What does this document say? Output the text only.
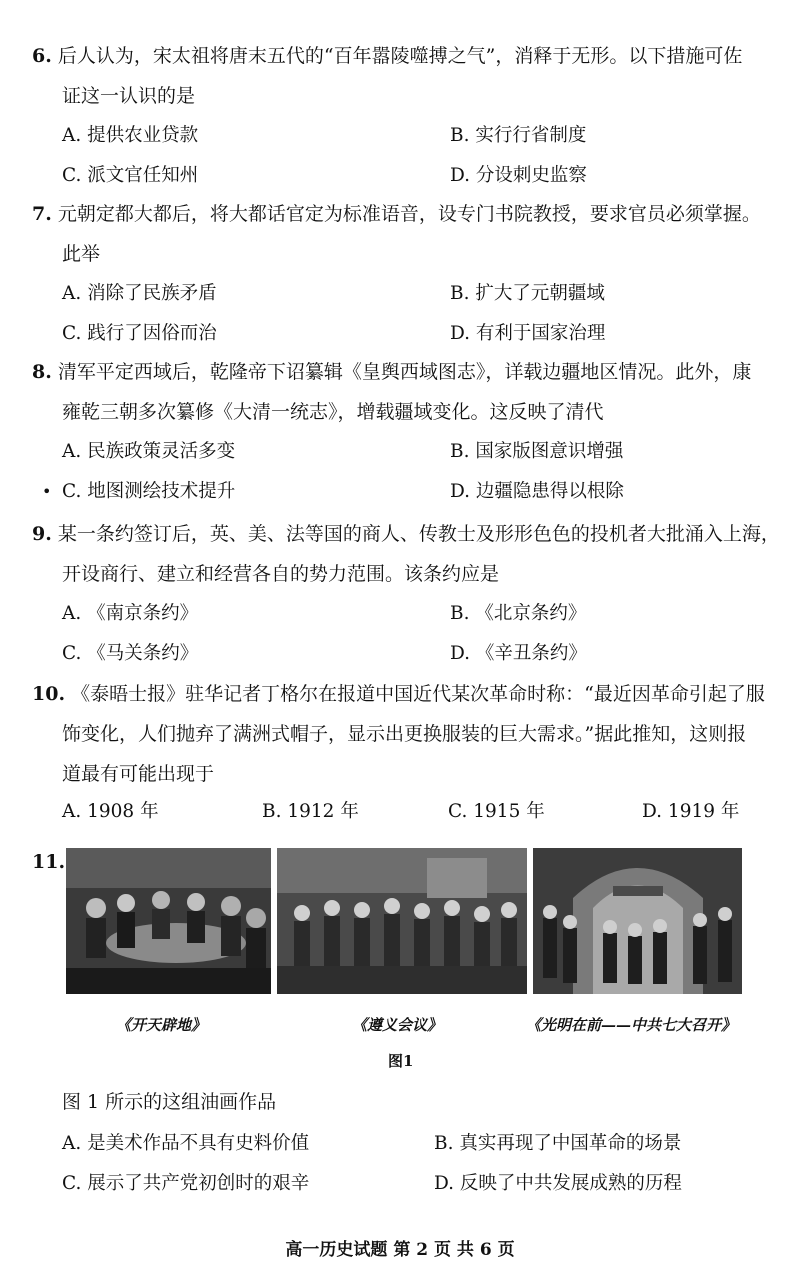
6. 后人认为，宋太祖将唐末五代的“百年嚣陵噬搏之气”，消释于无形。以下措施可佐
证这一认识的是
A. 提供农业贷款	B. 实行行省制度
C. 派文官任知州	D. 分设刺史监察
7. 元朝定都大都后，将大都话官定为标准语音，设专门书院教授，要求官员必须掌握。
此举
A. 消除了民族矛盾	B. 扩大了元朝疆域
C. 践行了因俗而治	D. 有利于国家治理
8. 清军平定西域后，乾隆帝下诏纂辑《皇舆西域图志》，详载边疆地区情况。此外，康
雍乾三朝多次纂修《大清一统志》，增载疆域变化。这反映了清代
A. 民族政策灵活多变	B. 国家版图意识增强
• C. 地图测绘技术提升	D. 边疆隐患得以根除
9. 某一条约签订后，英、美、法等国的商人、传教士及形形色色的投机者大批涌入上海，
开设商行、建立和经营各自的势力范围。该条约应是
A. 《南京条约》	B. 《北京条约》
C. 《马关条约》	D. 《辛丑条约》
10. 《泰晤士报》驻华记者丁格尔在报道中国近代某次革命时称：“最近因革命引起了服
饰变化，人们抛弃了满洲式帽子，显示出更换服装的巨大需求。”据此推知，这则报
道最有可能出现于
A. 1908 年	B. 1912 年	C. 1915 年	D. 1919 年
11.
《开天辟地》	《遵义会议》	《光明在前——中共七大召开》
图1
图 1 所示的这组油画作品
A. 是美术作品不具有史料价值	B. 真实再现了中国革命的场景
C. 展示了共产党初创时的艰辛	D. 反映了中共发展成熟的历程
高一历史试题 第 2 页 共 6 页
